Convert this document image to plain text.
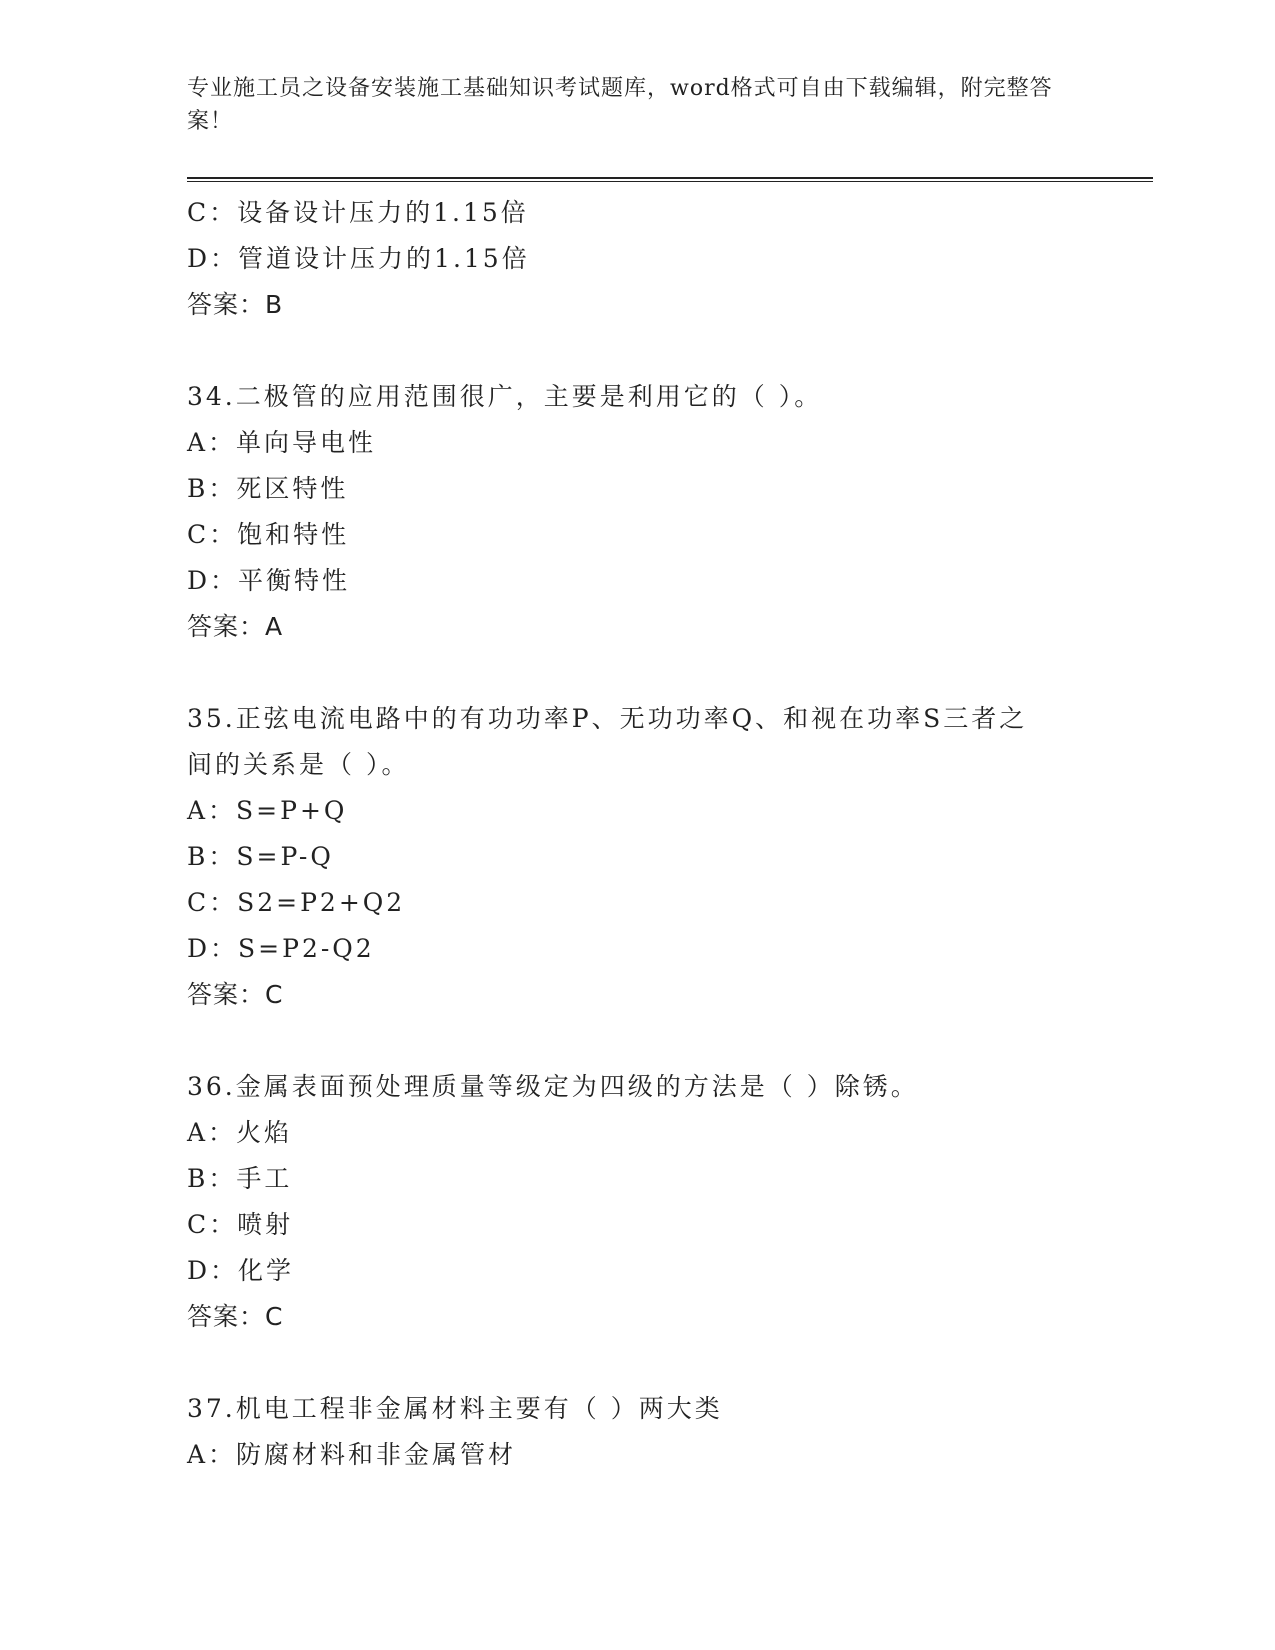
专业施工员之设备安装施工基础知识考试题库，word格式可自由下载编辑，附完整答案！
C：设备设计压力的1.15倍
D：管道设计压力的1.15倍
答案：B
34.二极管的应用范围很广，主要是利用它的（ ）。
A：单向导电性
B：死区特性
C：饱和特性
D：平衡特性
答案：A
35.正弦电流电路中的有功功率P、无功功率Q、和视在功率S三者之
间的关系是（ ）。
A：S=P+Q
B：S=P-Q
C：S2=P2+Q2
D：S=P2-Q2
答案：C
36.金属表面预处理质量等级定为四级的方法是（ ）除锈。
A：火焰
B：手工
C：喷射
D：化学
答案：C
37.机电工程非金属材料主要有（ ）两大类
A：防腐材料和非金属管材
